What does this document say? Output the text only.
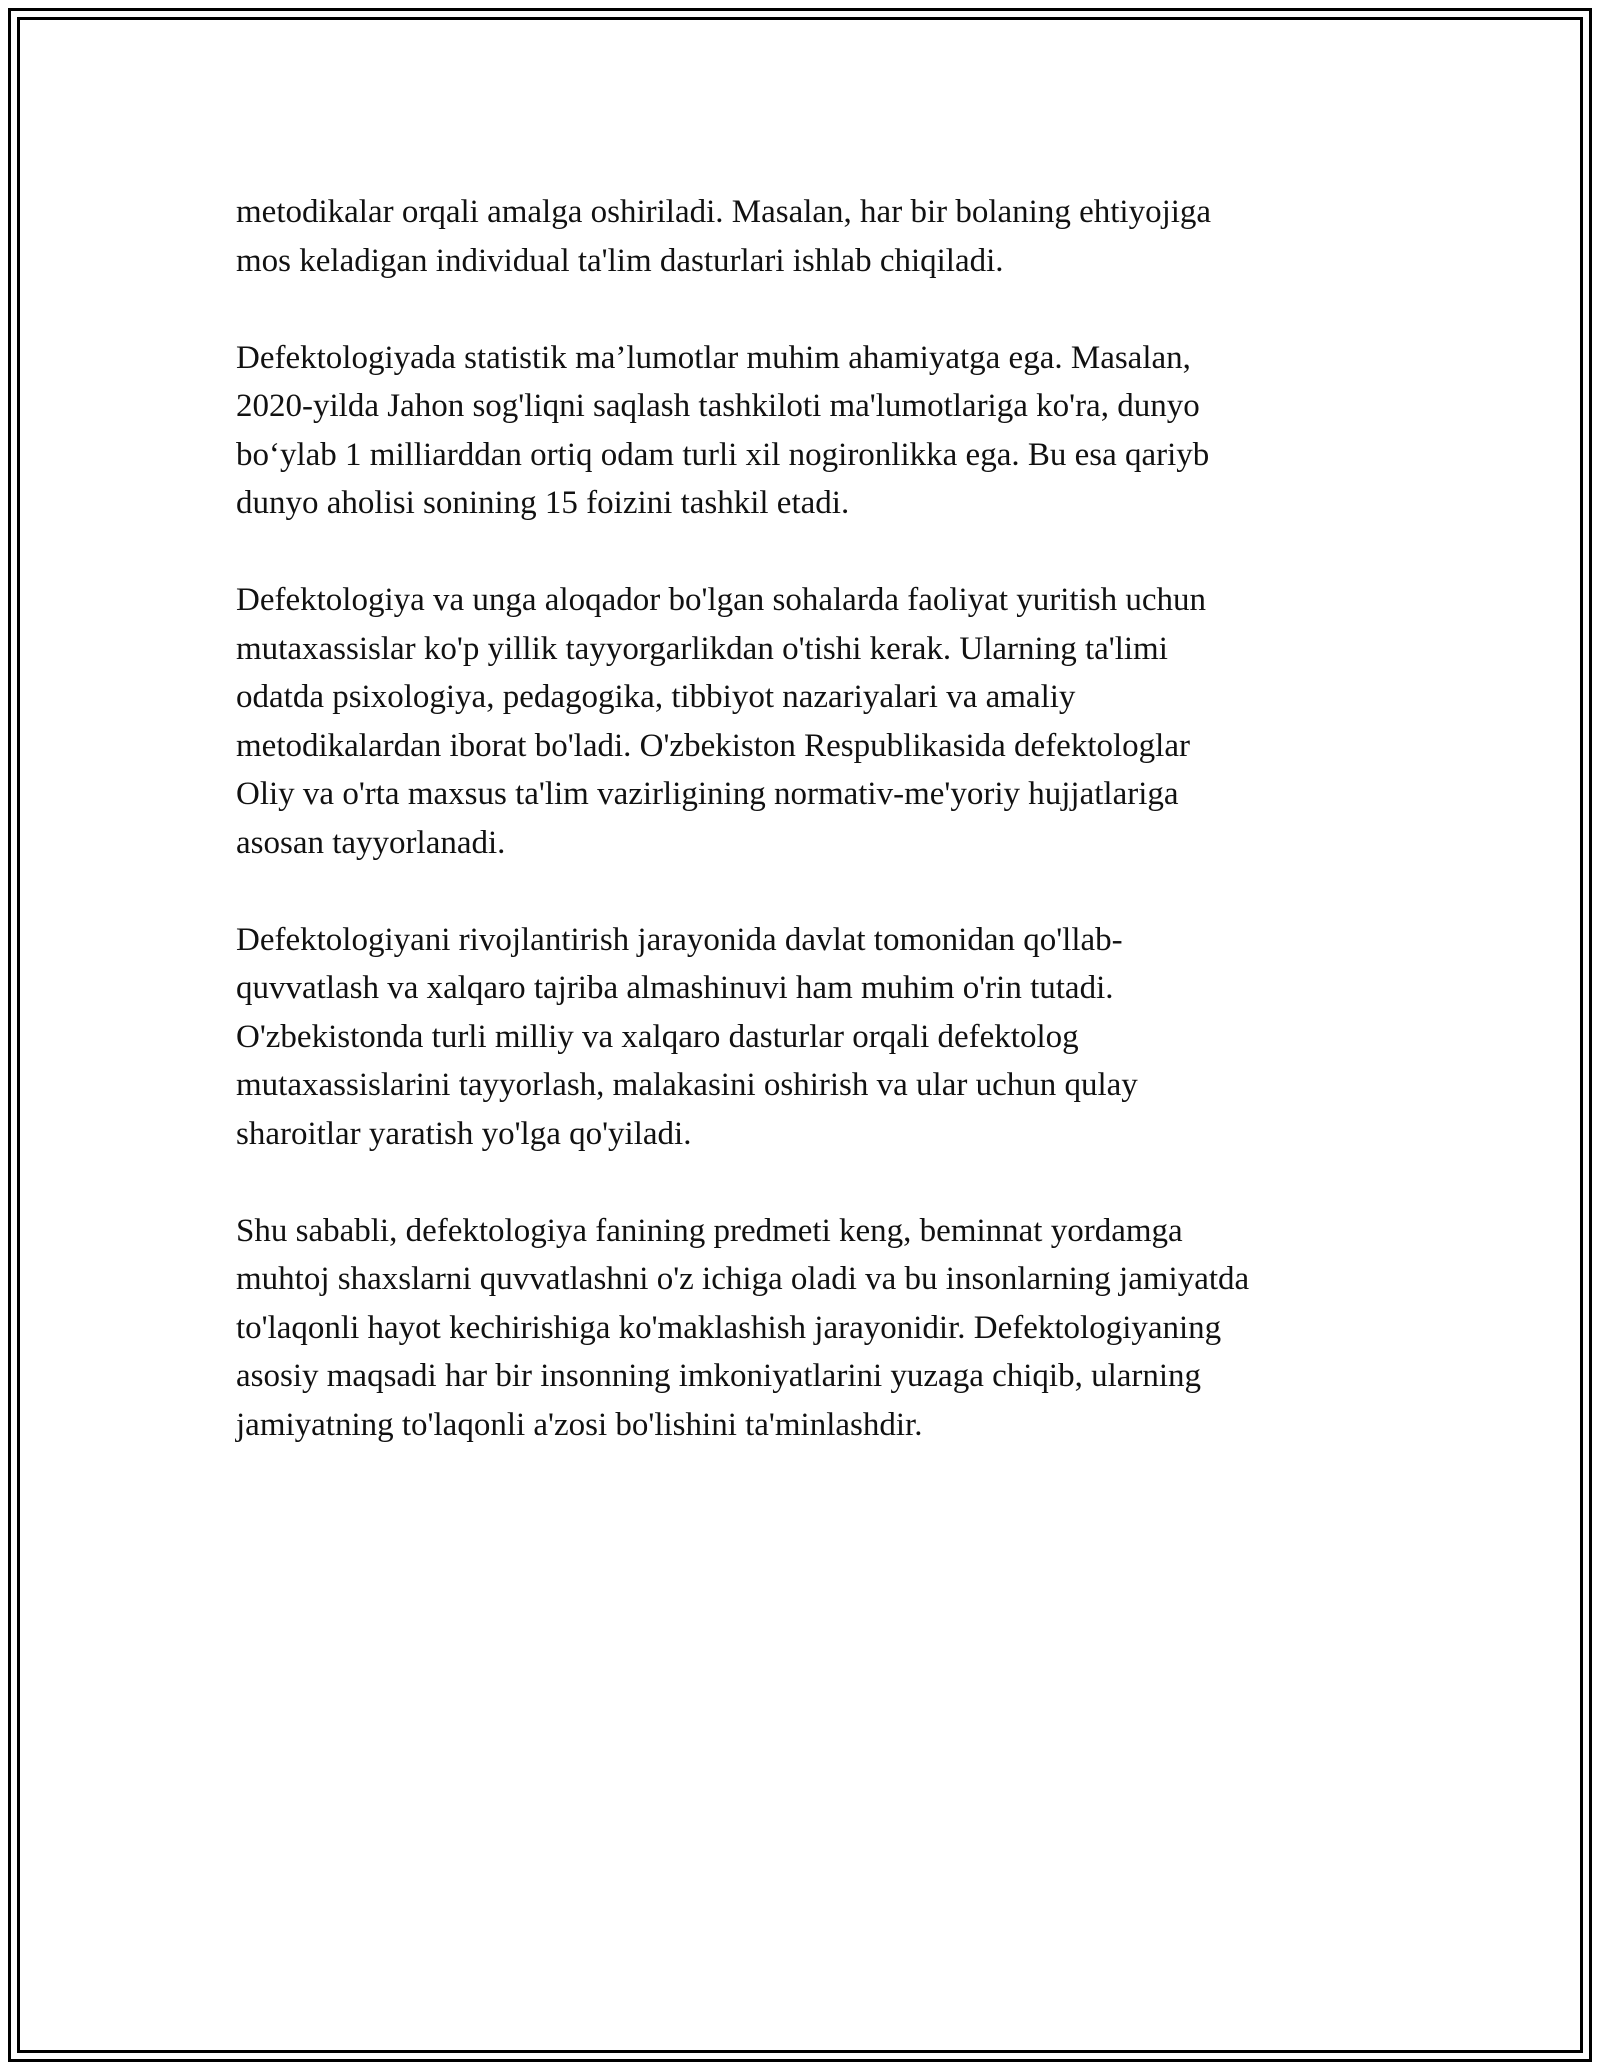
metodikalar orqali amalga oshiriladi. Masalan, har bir bolaning ehtiyojiga
mos keladigan individual ta'lim dasturlari ishlab chiqiladi.

Defektologiyada statistik ma’lumotlar muhim ahamiyatga ega. Masalan,
2020-yilda Jahon sog'liqni saqlash tashkiloti ma'lumotlariga ko'ra, dunyo
bo‘ylab 1 milliarddan ortiq odam turli xil nogironlikka ega. Bu esa qariyb
dunyo aholisi sonining 15 foizini tashkil etadi.

Defektologiya va unga aloqador bo'lgan sohalarda faoliyat yuritish uchun
mutaxassislar ko'p yillik tayyorgarlikdan o'tishi kerak. Ularning ta'limi
odatda psixologiya, pedagogika, tibbiyot nazariyalari va amaliy
metodikalardan iborat bo'ladi. O'zbekiston Respublikasida defektologlar
Oliy va o'rta maxsus ta'lim vazirligining normativ-me'yoriy hujjatlariga
asosan tayyorlanadi.

Defektologiyani rivojlantirish jarayonida davlat tomonidan qo'llab-
quvvatlash va xalqaro tajriba almashinuvi ham muhim o'rin tutadi.
O'zbekistonda turli milliy va xalqaro dasturlar orqali defektolog
mutaxassislarini tayyorlash, malakasini oshirish va ular uchun qulay
sharoitlar yaratish yo'lga qo'yiladi.

Shu sababli, defektologiya fanining predmeti keng, beminnat yordamga
muhtoj shaxslarni quvvatlashni o'z ichiga oladi va bu insonlarning jamiyatda
to'laqonli hayot kechirishiga ko'maklashish jarayonidir. Defektologiyaning
asosiy maqsadi har bir insonning imkoniyatlarini yuzaga chiqib, ularning
jamiyatning to'laqonli a'zosi bo'lishini ta'minlashdir.
